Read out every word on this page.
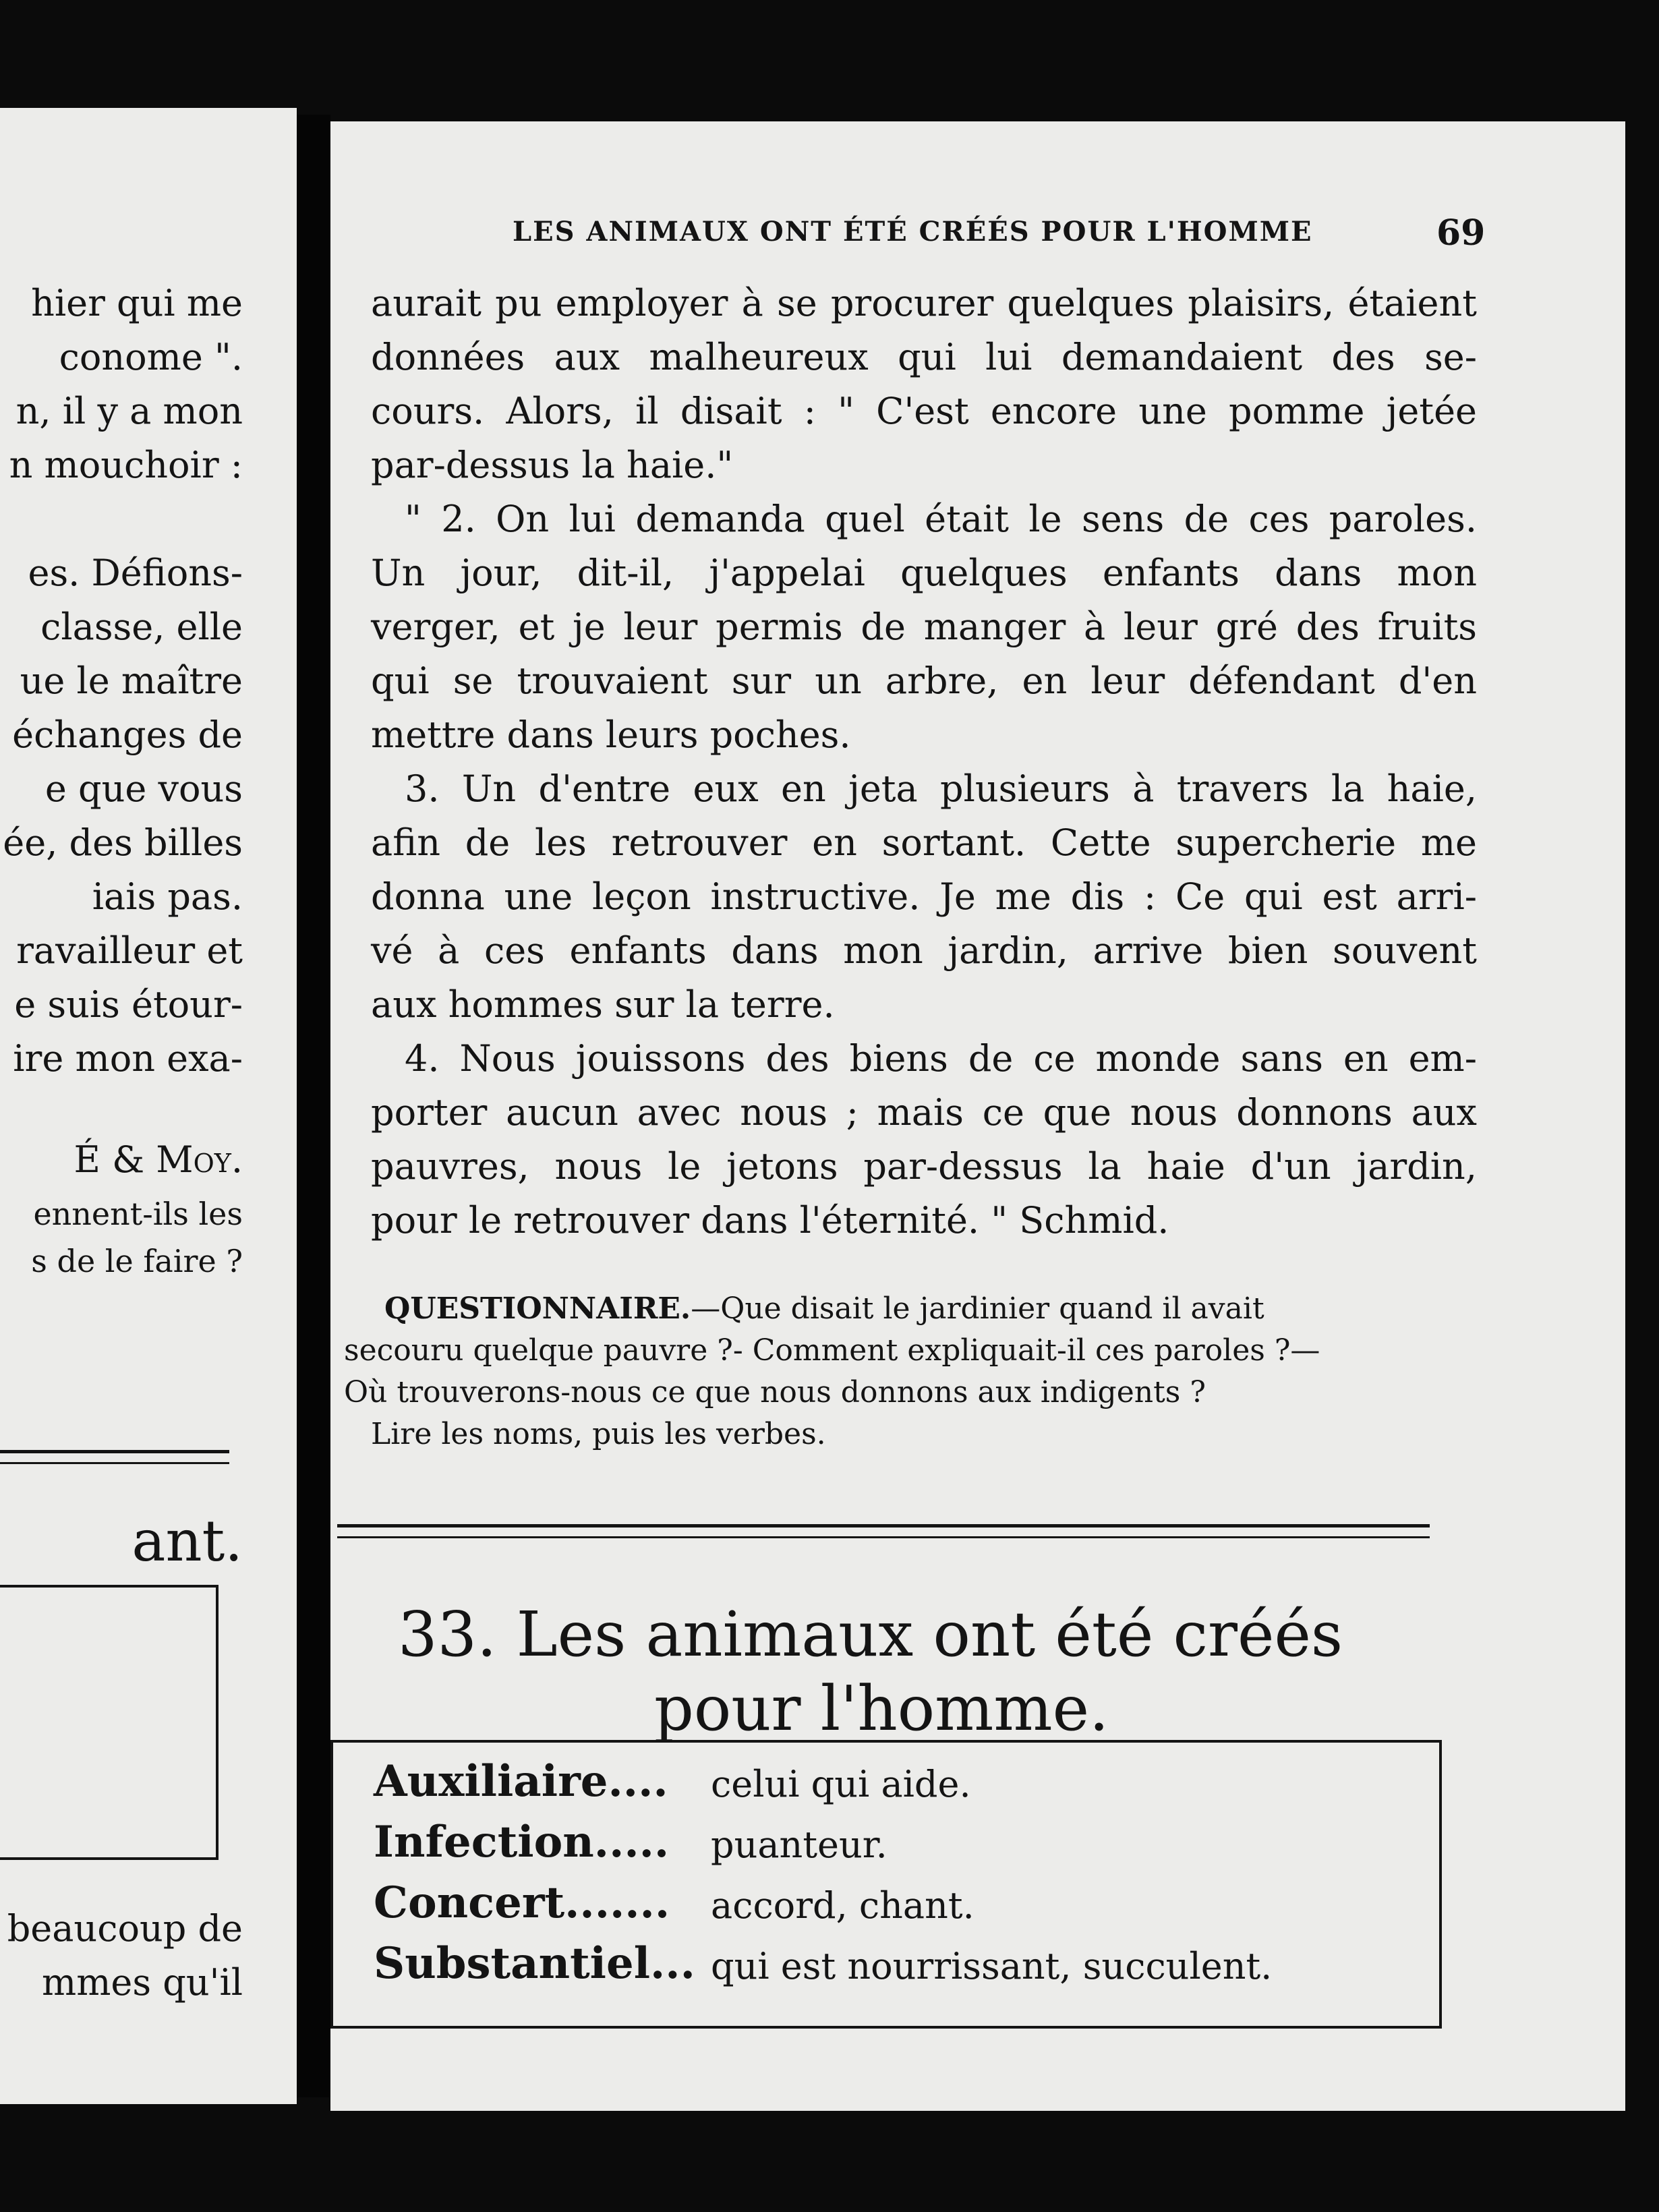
hier qui me
conome ".
n, il y a mon
n mouchoir :
es. Défions-
classe, elle
ue le maître
échanges de
e que vous
ée, des billes
iais pas.
ravailleur et
e suis étour-
ire mon exa-
É & Moy.
ennent-ils les
s de le faire ?
ant.
beaucoup de
mmes qu'il
LES ANIMAUX ONT ÉTÉ CRÉÉS POUR L'HOMME	69
aurait pu employer à se procurer quelques plaisirs, étaient
données aux malheureux qui lui demandaient des se-
cours. Alors, il disait : " C'est encore une pomme jetée
par-dessus la haie."
" 2. On lui demanda quel était le sens de ces paroles.
Un jour, dit-il, j'appelai quelques enfants dans mon
verger, et je leur permis de manger à leur gré des fruits
qui se trouvaient sur un arbre, en leur défendant d'en
mettre dans leurs poches.
3. Un d'entre eux en jeta plusieurs à travers la haie,
afin de les retrouver en sortant. Cette supercherie me
donna une leçon instructive. Je me dis : Ce qui est arri-
vé à ces enfants dans mon jardin, arrive bien souvent
aux hommes sur la terre.
4. Nous jouissons des biens de ce monde sans en em-
porter aucun avec nous ; mais ce que nous donnons aux
pauvres, nous le jetons par-dessus la haie d'un jardin,
pour le retrouver dans l'éternité. " Schmid.
QUESTIONNAIRE.—Que disait le jardinier quand il avait
secouru quelque pauvre ?- Comment expliquait-il ces paroles ?—
Où trouverons-nous ce que nous donnons aux indigents ?
Lire les noms, puis les verbes.
33. Les animaux ont été créés
pour l'homme.
Auxiliaire.... celui qui aide.
Infection..... puanteur.
Concert....... accord, chant.
Substantiel... qui est nourrissant, succulent.
